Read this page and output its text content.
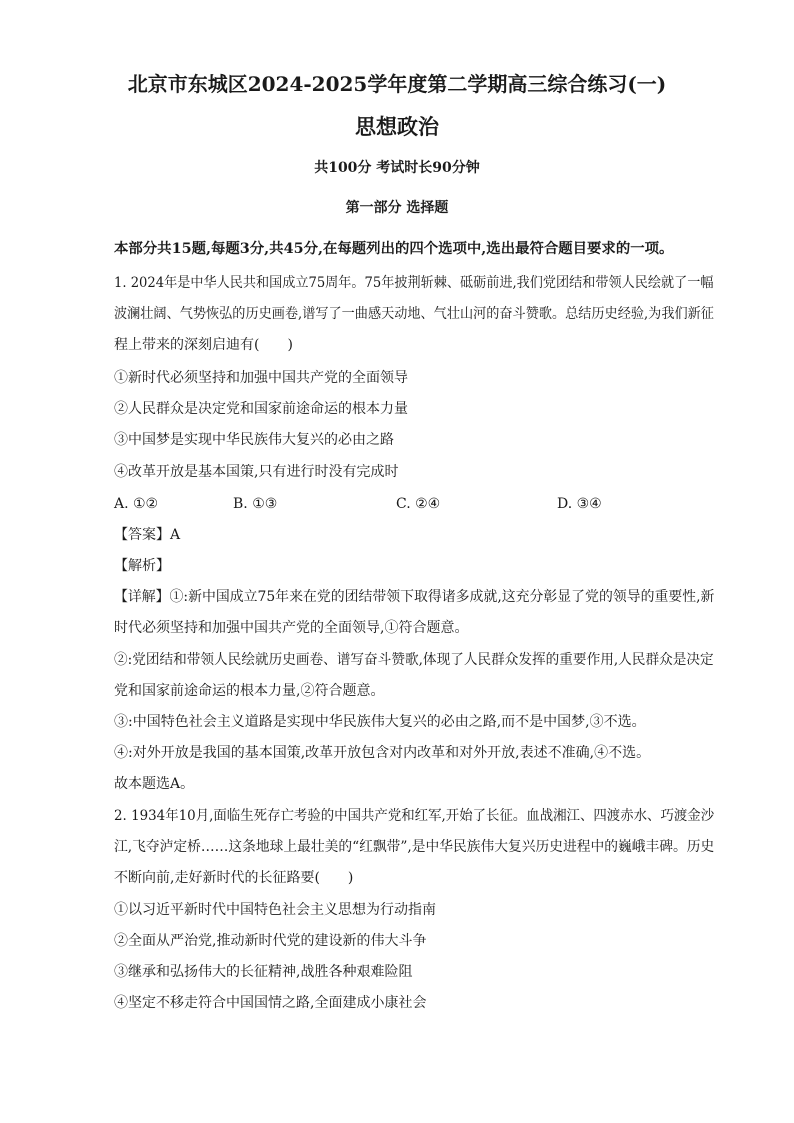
北京市东城区2024-2025学年度第二学期高三综合练习(一)
思想政治
共100分 考试时长90分钟
第一部分 选择题
本部分共15题,每题3分,共45分,在每题列出的四个选项中,选出最符合题目要求的一项。
1. 2024年是中华人民共和国成立75周年。75年披荆斩棘、砥砺前进,我们党团结和带领人民绘就了一幅
波澜壮阔、气势恢弘的历史画卷,谱写了一曲感天动地、气壮山河的奋斗赞歌。总结历史经验,为我们新征
程上带来的深刻启迪有(　　)
①新时代必须坚持和加强中国共产党的全面领导
②人民群众是决定党和国家前途命运的根本力量
③中国梦是实现中华民族伟大复兴的必由之路
④改革开放是基本国策,只有进行时没有完成时
A. ①②	B. ①③	C. ②④	D. ③④
【答案】A
【解析】
【详解】①:新中国成立75年来在党的团结带领下取得诸多成就,这充分彰显了党的领导的重要性,新
时代必须坚持和加强中国共产党的全面领导,①符合题意。
②:党团结和带领人民绘就历史画卷、谱写奋斗赞歌,体现了人民群众发挥的重要作用,人民群众是决定
党和国家前途命运的根本力量,②符合题意。
③:中国特色社会主义道路是实现中华民族伟大复兴的必由之路,而不是中国梦,③不选。
④:对外开放是我国的基本国策,改革开放包含对内改革和对外开放,表述不准确,④不选。
故本题选A。
2. 1934年10月,面临生死存亡考验的中国共产党和红军,开始了长征。血战湘江、四渡赤水、巧渡金沙
江,飞夺泸定桥……这条地球上最壮美的“红飘带”,是中华民族伟大复兴历史进程中的巍峨丰碑。历史
不断向前,走好新时代的长征路要(　　)
①以习近平新时代中国特色社会主义思想为行动指南
②全面从严治党,推动新时代党的建设新的伟大斗争
③继承和弘扬伟大的长征精神,战胜各种艰难险阻
④坚定不移走符合中国国情之路,全面建成小康社会
